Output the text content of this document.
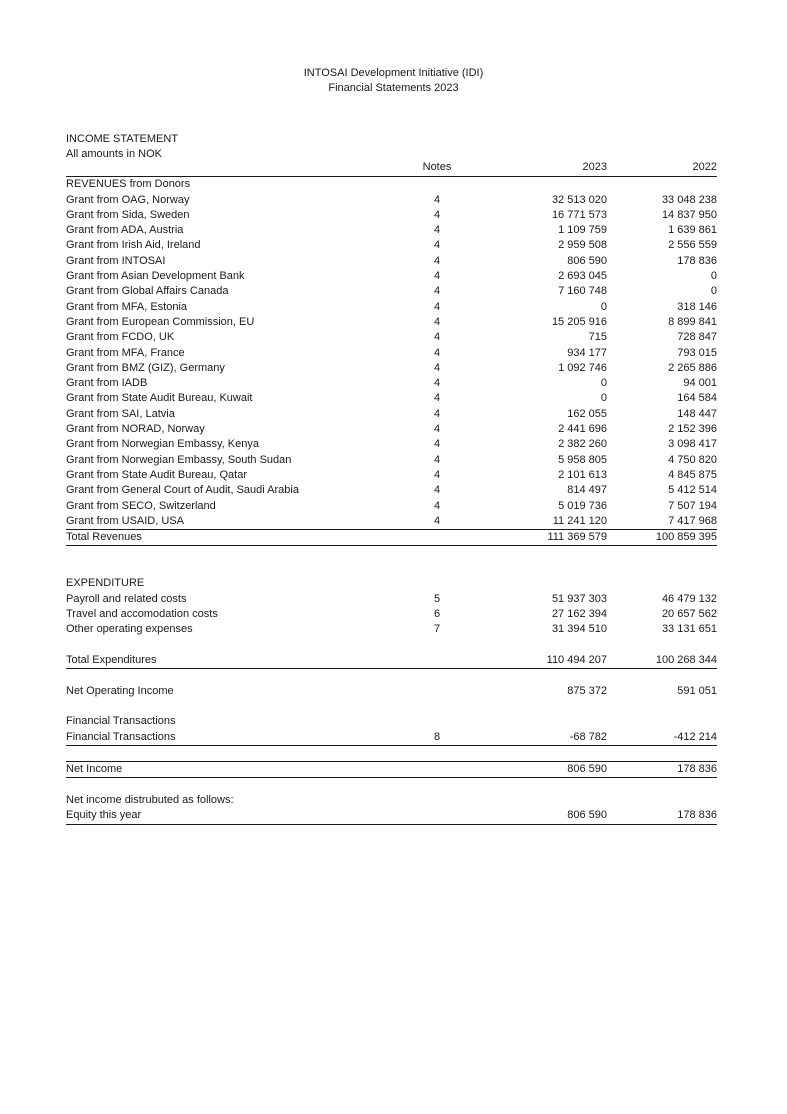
INTOSAI Development Initiative (IDI)
Financial Statements 2023
INCOME STATEMENT
All amounts in NOK
	Notes	2023	2022
REVENUES from Donors			
Grant from OAG, Norway	4	32 513 020	33 048 238
Grant from Sida, Sweden	4	16 771 573	14 837 950
Grant from ADA, Austria	4	1 109 759	1 639 861
Grant from Irish Aid, Ireland	4	2 959 508	2 556 559
Grant from INTOSAI	4	806 590	178 836
Grant from Asian Development Bank	4	2 693 045	0
Grant from Global Affairs Canada	4	7 160 748	0
Grant from MFA, Estonia	4	0	318 146
Grant from European Commission, EU	4	15 205 916	8 899 841
Grant from FCDO, UK	4	715	728 847
Grant from MFA, France	4	934 177	793 015
Grant from BMZ (GIZ), Germany	4	1 092 746	2 265 886
Grant from IADB	4	0	94 001
Grant from State Audit Bureau, Kuwait	4	0	164 584
Grant from SAI, Latvia	4	162 055	148 447
Grant from NORAD, Norway	4	2 441 696	2 152 396
Grant from Norwegian Embassy, Kenya	4	2 382 260	3 098 417
Grant from Norwegian Embassy, South Sudan	4	5 958 805	4 750 820
Grant from State Audit Bureau, Qatar	4	2 101 613	4 845 875
Grant from General Court of Audit, Saudi Arabia	4	814 497	5 412 514
Grant from SECO, Switzerland	4	5 019 736	7 507 194
Grant from USAID, USA	4	11 241 120	7 417 968
Total Revenues		111 369 579	100 859 395

EXPENDITURE			
Payroll and related costs	5	51 937 303	46 479 132
Travel and accomodation costs	6	27 162 394	20 657 562
Other operating expenses	7	31 394 510	33 131 651

Total Expenditures		110 494 207	100 268 344

Net Operating Income		875 372	591 051

Financial Transactions			
Financial Transactions	8	-68 782	-412 214

Net Income		806 590	178 836

Net income distrubuted as follows:			
Equity this year		806 590	178 836
